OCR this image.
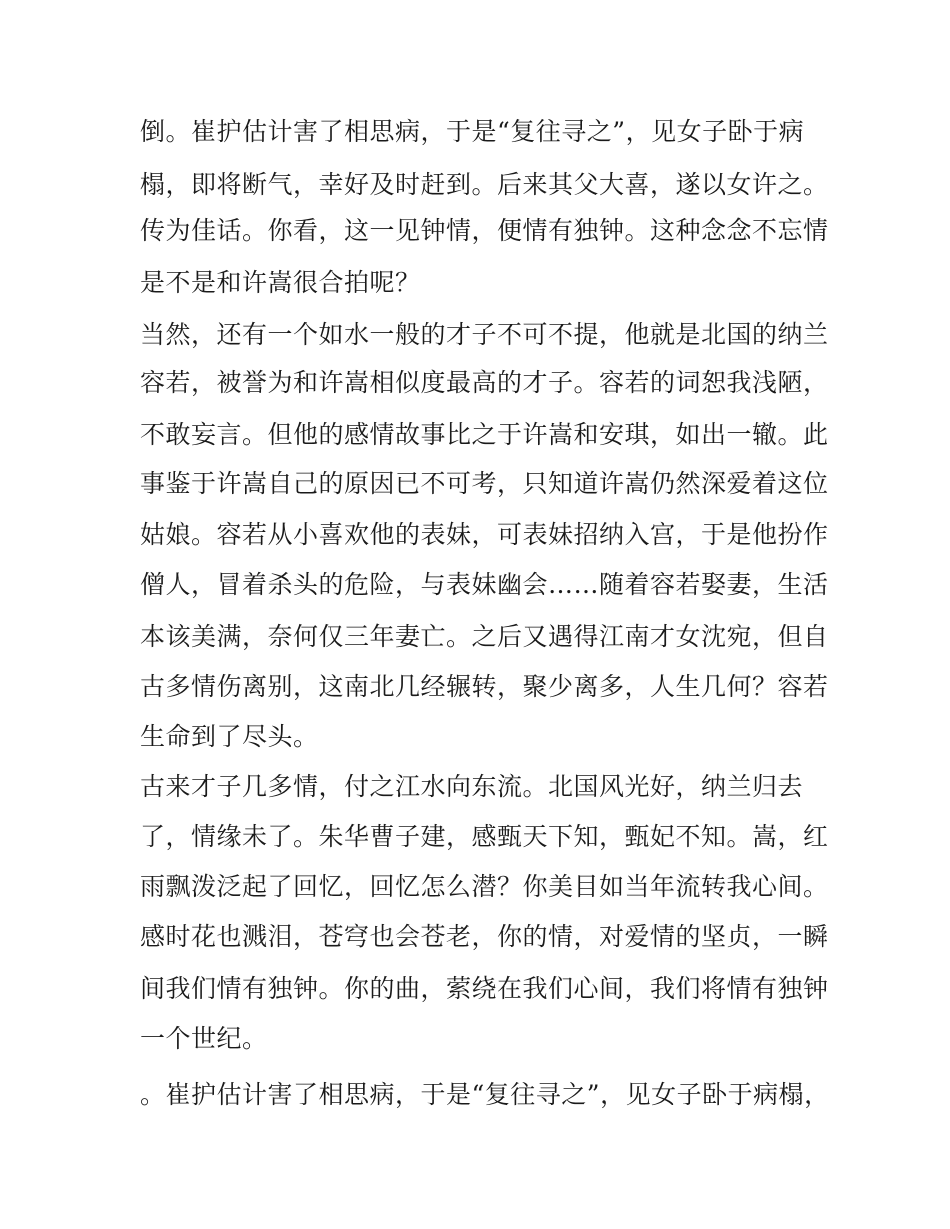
倒。崔护估计害了相思病，于是“复往寻之”，见女子卧于病
榻，即将断气，幸好及时赶到。后来其父大喜，遂以女许之。
传为佳话。你看，这一见钟情，便情有独钟。这种念念不忘情
是不是和许嵩很合拍呢？
当然，还有一个如水一般的才子不可不提，他就是北国的纳兰
容若，被誉为和许嵩相似度最高的才子。容若的词恕我浅陋，
不敢妄言。但他的感情故事比之于许嵩和安琪，如出一辙。此
事鉴于许嵩自己的原因已不可考，只知道许嵩仍然深爱着这位
姑娘。容若从小喜欢他的表妹，可表妹招纳入宫，于是他扮作
僧人，冒着杀头的危险，与表妹幽会……随着容若娶妻，生活
本该美满，奈何仅三年妻亡。之后又遇得江南才女沈宛，但自
古多情伤离别，这南北几经辗转，聚少离多，人生几何？容若
生命到了尽头。
古来才子几多情，付之江水向东流。北国风光好，纳兰归去
了，情缘未了。朱华曹子建，感甄天下知，甄妃不知。嵩，红
雨飘泼泛起了回忆，回忆怎么潜？你美目如当年流转我心间。
感时花也溅泪，苍穹也会苍老，你的情，对爱情的坚贞，一瞬
间我们情有独钟。你的曲，萦绕在我们心间，我们将情有独钟
一个世纪。
。崔护估计害了相思病，于是“复往寻之”，见女子卧于病榻，
